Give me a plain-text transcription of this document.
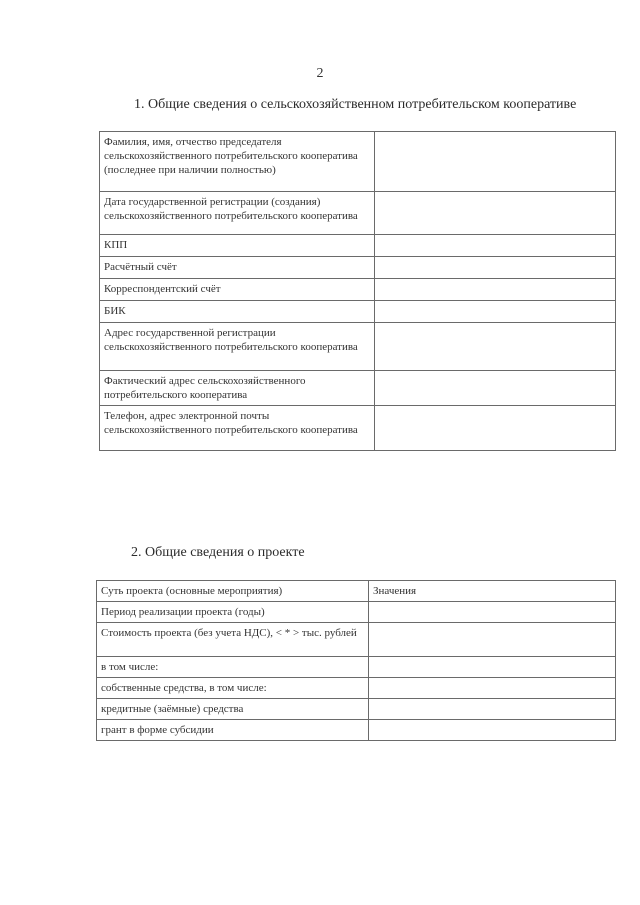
2
1. Общие сведения о сельскохозяйственном потребительском кооперативе
Фамилия, имя, отчество председателя сельскохозяйственного потребительского кооператива (последнее при наличии полностью)	
Дата государственной регистрации (создания) сельскохозяйственного потребительского кооператива	
КПП	
Расчётный счёт	
Корреспондентский счёт	
БИК	
Адрес государственной регистрации сельскохозяйственного потребительского кооператива	
Фактический адрес сельскохозяйственного потребительского кооператива	
Телефон, адрес электронной почты сельскохозяйственного потребительского кооператива	
2. Общие сведения о проекте
Суть проекта (основные мероприятия)	Значения
Период реализации проекта (годы)	
Стоимость проекта (без учета НДС), < * > тыс. рублей	
в том числе:	
собственные средства, в том числе:	
кредитные (заёмные) средства	
грант в форме субсидии	
